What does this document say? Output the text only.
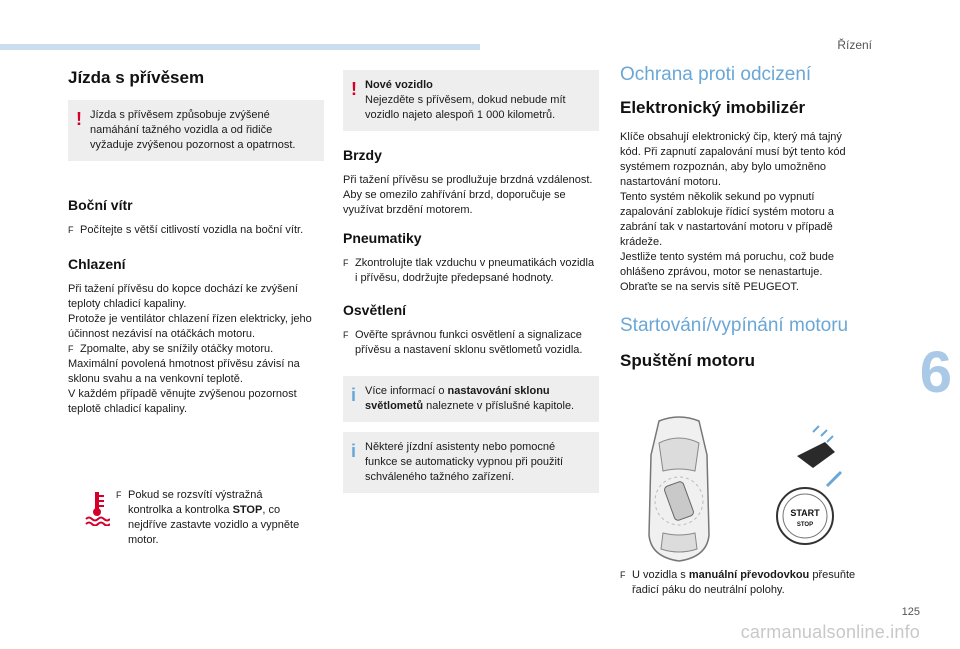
Řízení
6
125
carmanualsonline.info
Jízda s přívěsem
! Jízda s přívěsem způsobuje zvýšené namáhání tažného vozidla a od řidiče vyžaduje zvýšenou pozornost a opatrnost.
Boční vítr
F Počítejte s větší citlivostí vozidla na boční vítr.
Chlazení

Při tažení přívěsu do kopce dochází ke zvýšení teploty chladicí kapaliny.

Protože je ventilátor chlazení řízen elektricky, jeho účinnost nezávisí na otáčkách motoru.

F Zpomalte, aby se snížily otáčky motoru.

Maximální povolená hmotnost přívěsu závisí na sklonu svahu a na venkovní teplotě.

V každém případě věnujte zvýšenou pozornost teplotě chladicí kapaliny.

F Pokud se rozsvítí výstražná kontrolka a kontrolka STOP, co nejdříve zastavte vozidlo a vypněte motor.
! Nové vozidlo
Nejezděte s přívěsem, dokud nebude mít vozidlo najeto alespoň 1 000 kilometrů.
Brzdy

Při tažení přívěsu se prodlužuje brzdná vzdálenost.

Aby se omezilo zahřívání brzd, doporučuje se využívat brzdění motorem.

Pneumatiky
F Zkontrolujte tlak vzduchu v pneumatikách vozidla i přívěsu, dodržujte předepsané hodnoty.
Osvětlení
F Ověřte správnou funkci osvětlení a signalizace přívěsu a nastavení sklonu světlometů vozidla.
i Více informací o nastavování sklonu světlometů naleznete v příslušné kapitole.
i Některé jízdní asistenty nebo pomocné funkce se automaticky vypnou při použití schváleného tažného zařízení.
Ochrana proti odcizení
Elektronický imobilizér

Klíče obsahují elektronický čip, který má tajný kód. Při zapnutí zapalování musí být tento kód systémem rozpoznán, aby bylo umožněno nastartování motoru.

Tento systém několik sekund po vypnutí zapalování zablokuje řídicí systém motoru a zabrání tak v nastartování motoru v případě krádeže.

Jestliže tento systém má poruchu, což bude ohlášeno zprávou, motor se nenastartuje.

Obraťte se na servis sítě PEUGEOT.

Startování/vypínání motoru
Spuštění motoru
START
STOP
F U vozidla s manuální převodovkou přesuňte řadicí páku do neutrální polohy.
